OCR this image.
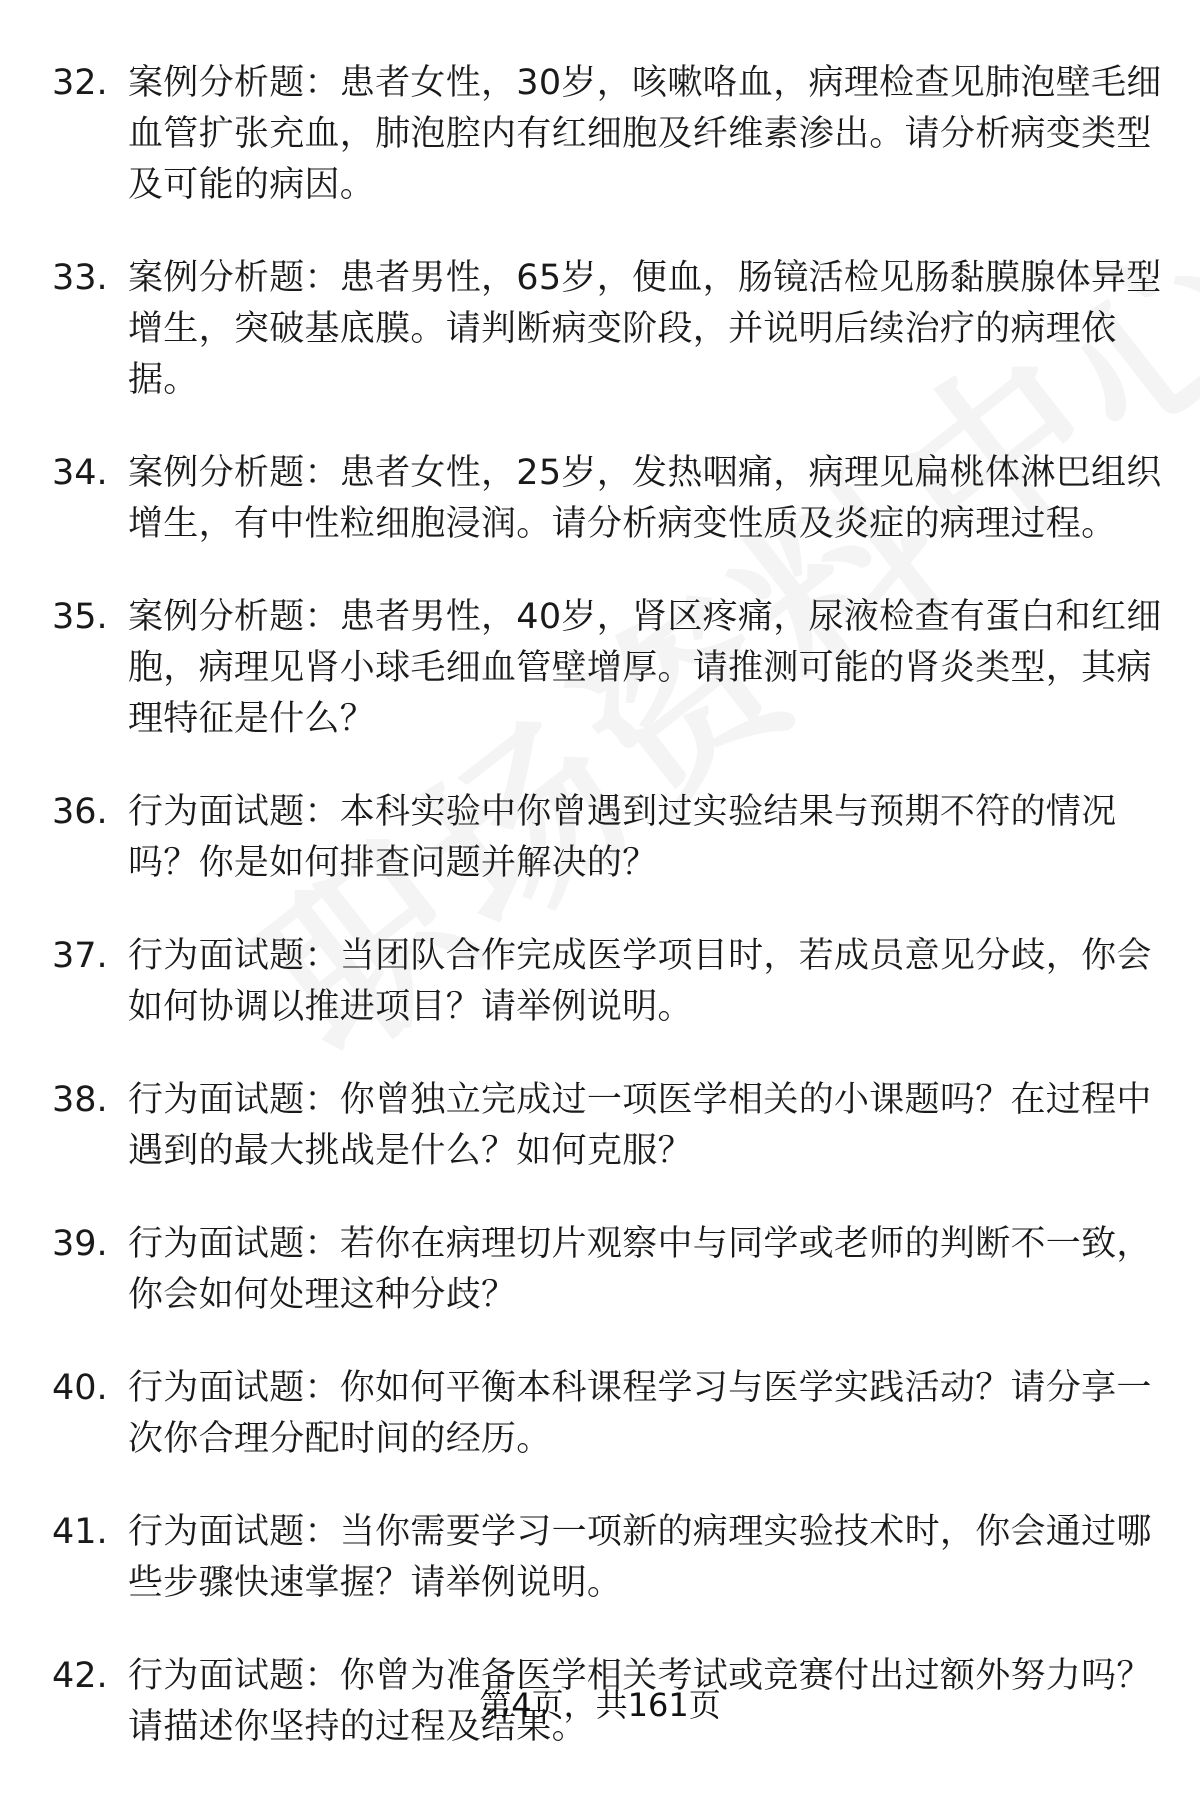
32. 案例分析题：患者女性，30岁，咳嗽咯血，病理检查见肺泡壁毛细血管扩张充血，肺泡腔内有红细胞及纤维素渗出。请分析病变类型及可能的病因。
33. 案例分析题：患者男性，65岁，便血，肠镜活检见肠黏膜腺体异型增生，突破基底膜。请判断病变阶段，并说明后续治疗的病理依据。
34. 案例分析题：患者女性，25岁，发热咽痛，病理见扁桃体淋巴组织增生，有中性粒细胞浸润。请分析病变性质及炎症的病理过程。
35. 案例分析题：患者男性，40岁，肾区疼痛，尿液检查有蛋白和红细胞，病理见肾小球毛细血管壁增厚。请推测可能的肾炎类型，其病理特征是什么？
36. 行为面试题：本科实验中你曾遇到过实验结果与预期不符的情况吗？你是如何排查问题并解决的？
37. 行为面试题：当团队合作完成医学项目时，若成员意见分歧，你会如何协调以推进项目？请举例说明。
38. 行为面试题：你曾独立完成过一项医学相关的小课题吗？在过程中遇到的最大挑战是什么？如何克服？
39. 行为面试题：若你在病理切片观察中与同学或老师的判断不一致，你会如何处理这种分歧？
40. 行为面试题：你如何平衡本科课程学习与医学实践活动？请分享一次你合理分配时间的经历。
41. 行为面试题：当你需要学习一项新的病理实验技术时，你会通过哪些步骤快速掌握？请举例说明。
42. 行为面试题：你曾为准备医学相关考试或竞赛付出过额外努力吗？请描述你坚持的过程及结果。
第4页，共161页
